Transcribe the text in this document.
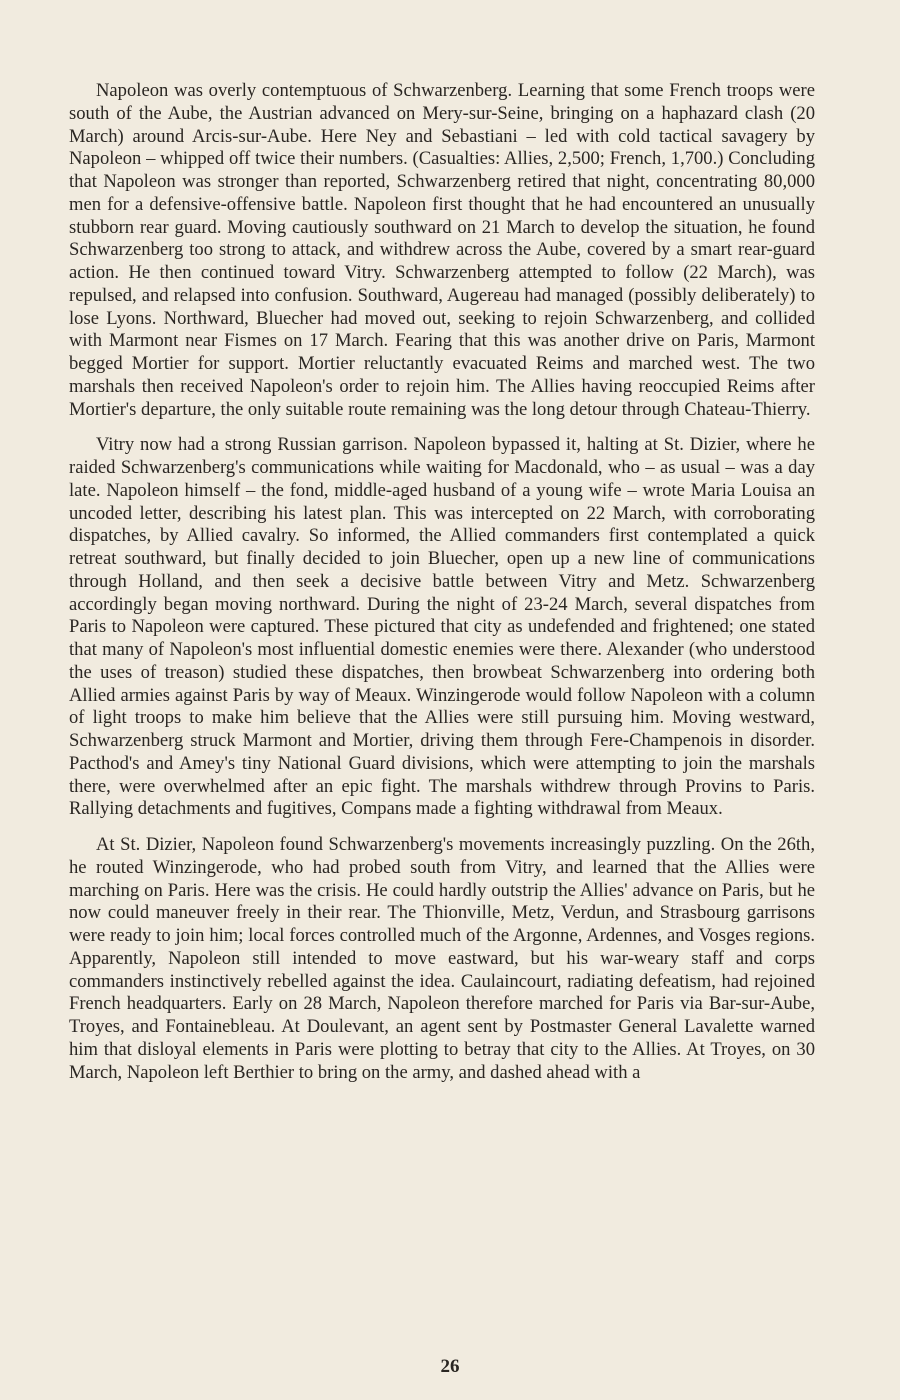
Napoleon was overly contemptuous of Schwarzenberg. Learning that some French troops were south of the Aube, the Austrian advanced on Mery-sur-Seine, bringing on a haphazard clash (20 March) around Arcis-sur-Aube. Here Ney and Sebastiani – led with cold tactical savagery by Napoleon – whipped off twice their numbers. (Casualties: Allies, 2,500; French, 1,700.) Concluding that Napoleon was stronger than reported, Schwarzenberg retired that night, concentrating 80,000 men for a defensive-offensive battle. Napoleon first thought that he had encountered an unusually stubborn rear guard. Moving cautiously southward on 21 March to develop the situation, he found Schwarzenberg too strong to attack, and withdrew across the Aube, covered by a smart rear-guard action. He then continued toward Vitry. Schwarzenberg attempted to follow (22 March), was repulsed, and relapsed into confusion. Southward, Augereau had managed (possibly deliberately) to lose Lyons. Northward, Bluecher had moved out, seeking to rejoin Schwarzenberg, and collided with Marmont near Fismes on 17 March. Fearing that this was another drive on Paris, Marmont begged Mortier for support. Mortier reluctantly evacuated Reims and marched west. The two marshals then received Napoleon's order to rejoin him. The Allies having reoccupied Reims after Mortier's departure, the only suitable route remaining was the long detour through Chateau-Thierry.

Vitry now had a strong Russian garrison. Napoleon bypassed it, halting at St. Dizier, where he raided Schwarzenberg's communications while waiting for Macdonald, who – as usual – was a day late. Napoleon himself – the fond, middle-aged husband of a young wife – wrote Maria Louisa an uncoded letter, describing his latest plan. This was intercepted on 22 March, with corroborating dispatches, by Allied cavalry. So informed, the Allied commanders first contemplated a quick retreat southward, but finally decided to join Bluecher, open up a new line of communications through Holland, and then seek a decisive battle between Vitry and Metz. Schwarzenberg accordingly began moving northward. During the night of 23-24 March, several dispatches from Paris to Napoleon were captured. These pictured that city as undefended and frightened; one stated that many of Napoleon's most influential domestic enemies were there. Alexander (who understood the uses of treason) studied these dispatches, then browbeat Schwarzenberg into ordering both Allied armies against Paris by way of Meaux. Winzingerode would follow Napoleon with a column of light troops to make him believe that the Allies were still pursuing him. Moving westward, Schwarzenberg struck Marmont and Mortier, driving them through Fere-Champenois in disorder. Pacthod's and Amey's tiny National Guard divisions, which were attempting to join the marshals there, were overwhelmed after an epic fight. The marshals withdrew through Provins to Paris. Rallying detachments and fugitives, Compans made a fighting withdrawal from Meaux.

At St. Dizier, Napoleon found Schwarzenberg's movements increasingly puzzling. On the 26th, he routed Winzingerode, who had probed south from Vitry, and learned that the Allies were marching on Paris. Here was the crisis. He could hardly outstrip the Allies' advance on Paris, but he now could maneuver freely in their rear. The Thionville, Metz, Verdun, and Strasbourg garrisons were ready to join him; local forces controlled much of the Argonne, Ardennes, and Vosges regions. Apparently, Napoleon still intended to move eastward, but his war-weary staff and corps commanders instinctively rebelled against the idea. Caulaincourt, radiating defeatism, had rejoined French headquarters. Early on 28 March, Napoleon therefore marched for Paris via Bar-sur-Aube, Troyes, and Fontainebleau. At Doulevant, an agent sent by Postmaster General Lavalette warned him that disloyal elements in Paris were plotting to betray that city to the Allies. At Troyes, on 30 March, Napoleon left Berthier to bring on the army, and dashed ahead with a

26
